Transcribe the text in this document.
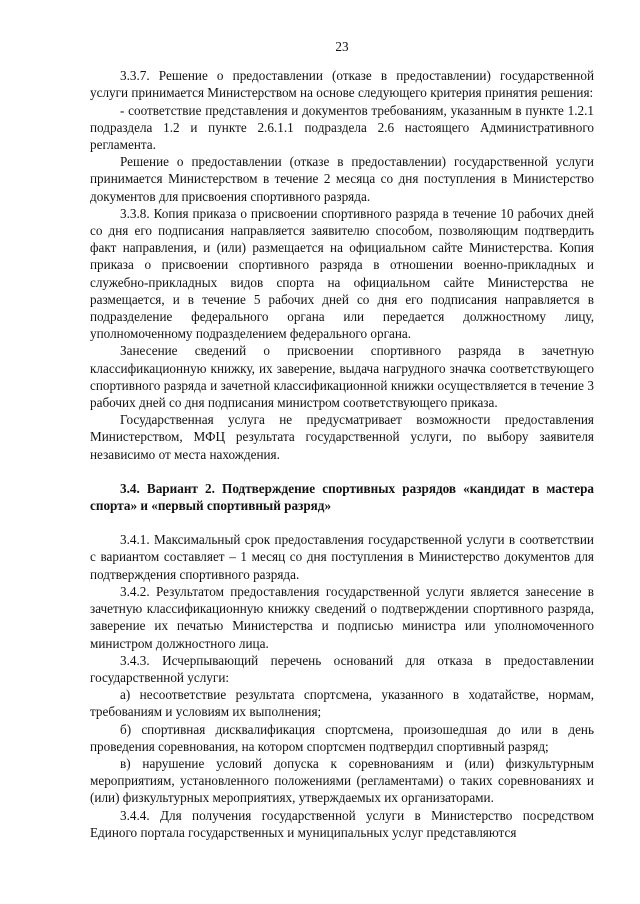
23

3.3.7. Решение о предоставлении (отказе в предоставлении) государственной услуги принимается Министерством на основе следующего критерия принятия решения:

- соответствие представления и документов требованиям, указанным в пункте 1.2.1 подраздела 1.2 и пункте 2.6.1.1 подраздела 2.6 настоящего Административного регламента.

Решение о предоставлении (отказе в предоставлении) государственной услуги принимается Министерством в течение 2 месяца со дня поступления в Министерство документов для присвоения спортивного разряда.

3.3.8. Копия приказа о присвоении спортивного разряда в течение 10 рабочих дней со дня его подписания направляется заявителю способом, позволяющим подтвердить факт направления, и (или) размещается на официальном сайте Министерства. Копия приказа о присвоении спортивного разряда в отношении военно-прикладных и служебно-прикладных видов спорта на официальном сайте Министерства не размещается, и в течение 5 рабочих дней со дня его подписания направляется в подразделение федерального органа или передается должностному лицу, уполномоченному подразделением федерального органа.

Занесение сведений о присвоении спортивного разряда в зачетную классификационную книжку, их заверение, выдача нагрудного значка соответствующего спортивного разряда и зачетной классификационной книжки осуществляется в течение 3 рабочих дней со дня подписания министром соответствующего приказа.

Государственная услуга не предусматривает возможности предоставления Министерством, МФЦ результата государственной услуги, по выбору заявителя независимо от места нахождения.

3.4. Вариант 2. Подтверждение спортивных разрядов «кандидат в мастера спорта» и «первый спортивный разряд»

3.4.1. Максимальный срок предоставления государственной услуги в соответствии с вариантом составляет – 1 месяц со дня поступления в Министерство документов для подтверждения спортивного разряда.

3.4.2. Результатом предоставления государственной услуги является занесение в зачетную классификационную книжку сведений о подтверждении спортивного разряда, заверение их печатью Министерства и подписью министра или уполномоченного министром должностного лица.

3.4.3. Исчерпывающий перечень оснований для отказа в предоставлении государственной услуги:

а) несоответствие результата спортсмена, указанного в ходатайстве, нормам, требованиям и условиям их выполнения;

б) спортивная дисквалификация спортсмена, произошедшая до или в день проведения соревнования, на котором спортсмен подтвердил спортивный разряд;

в) нарушение условий допуска к соревнованиям и (или) физкультурным мероприятиям, установленного положениями (регламентами) о таких соревнованиях и (или) физкультурных мероприятиях, утверждаемых их организаторами.

3.4.4. Для получения государственной услуги в Министерство посредством Единого портала государственных и муниципальных услуг представляются
